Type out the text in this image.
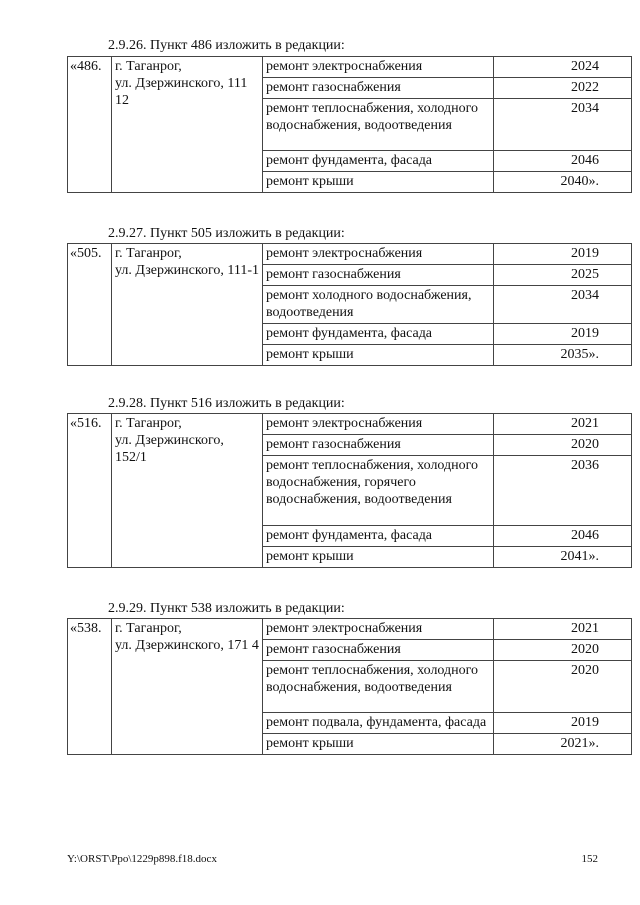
2.9.26. Пункт 486 изложить в редакции:
«486.	г. Таганрог,
ул. Дзержинского, 111
12	ремонт электроснабжения	2024
		ремонт газоснабжения	2022
		ремонт теплоснабжения, холодного водоснабжения, водоотведения	2034
		ремонт фундамента, фасада	2046
		ремонт крыши	2040».
2.9.27. Пункт 505 изложить в редакции:
«505.	г. Таганрог,
ул. Дзержинского, 111-1	ремонт электроснабжения	2019
		ремонт газоснабжения	2025
		ремонт холодного водоснабжения, водоотведения	2034
		ремонт фундамента, фасада	2019
		ремонт крыши	2035».
2.9.28. Пункт 516 изложить в редакции:
«516.	г. Таганрог,
ул. Дзержинского, 152/1	ремонт электроснабжения	2021
		ремонт газоснабжения	2020
		ремонт теплоснабжения, холодного водоснабжения, горячего водоснабжения, водоотведения	2036
		ремонт фундамента, фасада	2046
		ремонт крыши	2041».
2.9.29. Пункт 538 изложить в редакции:
«538.	г. Таганрог,
ул. Дзержинского, 171 4	ремонт электроснабжения	2021
		ремонт газоснабжения	2020
		ремонт теплоснабжения, холодного водоснабжения, водоотведения	2020
		ремонт подвала, фундамента, фасада	2019
		ремонт крыши	2021».
Y:\ORST\Ppo\1229p898.f18.docx	152
